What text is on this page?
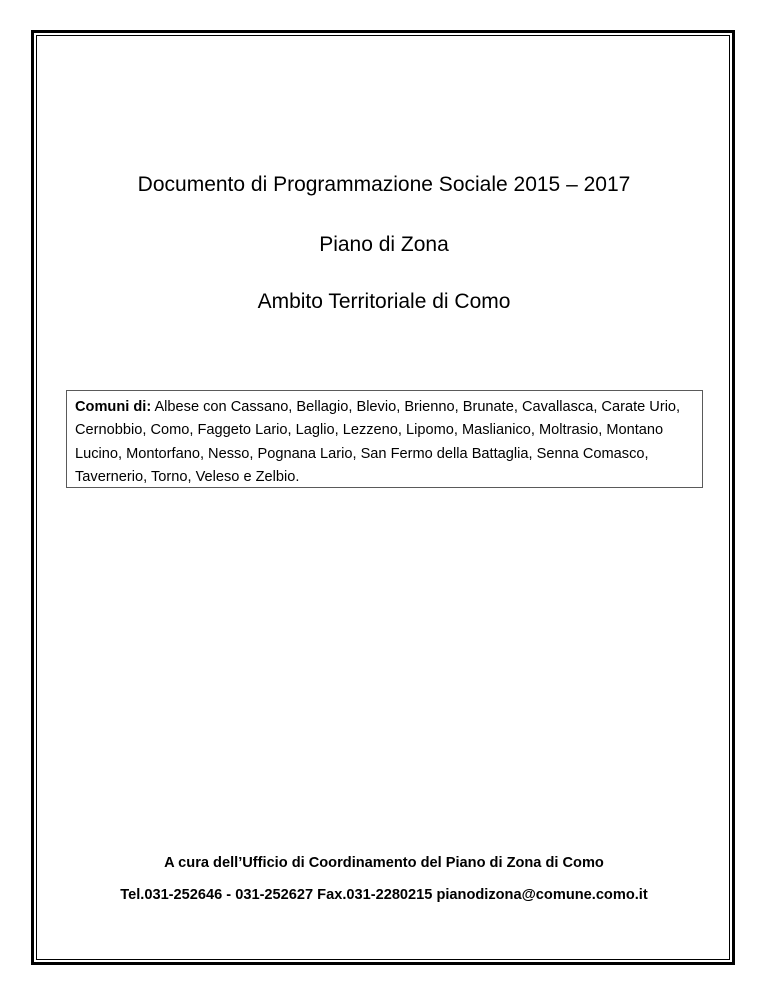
Documento di Programmazione Sociale 2015 – 2017
Piano di Zona
Ambito Territoriale di Como
Comuni di: Albese con Cassano, Bellagio, Blevio, Brienno, Brunate, Cavallasca, Carate Urio, Cernobbio, Como, Faggeto Lario, Laglio, Lezzeno, Lipomo, Maslianico, Moltrasio, Montano Lucino, Montorfano, Nesso, Pognana Lario, San Fermo della Battaglia, Senna Comasco, Tavernerio, Torno, Veleso e Zelbio.
A cura dell’Ufficio di Coordinamento del Piano di Zona di Como
Tel.031-252646 - 031-252627 Fax.031-2280215 pianodizona@comune.como.it
